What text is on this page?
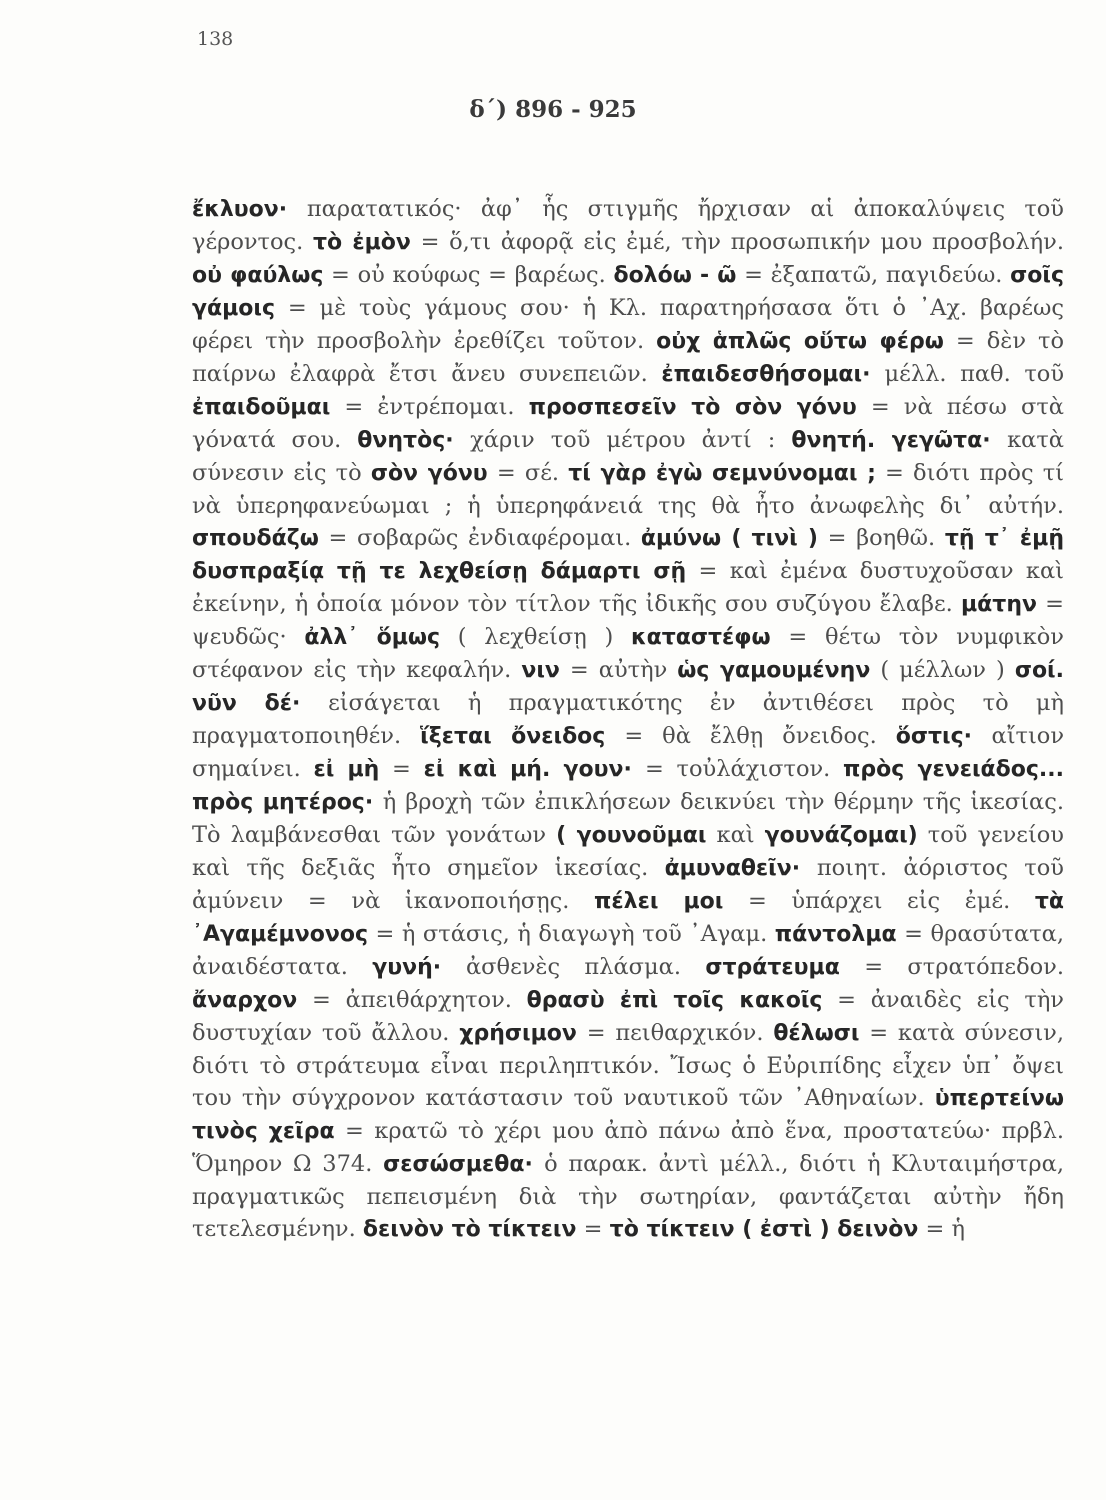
138
δ΄) 896 - 925

ἔκλυον· παρατατικός· ἀφ᾽ ἧς στιγμῆς ἤρχισαν αἱ ἀποκαλύψεις τοῦ γέροντος. τὸ ἐμὸν = ὅ,τι ἀφορᾷ εἰς ἐμέ, τὴν προσωπικήν μου προσβολήν. οὐ φαύλως = οὐ κούφως = βαρέως. δολόω - ῶ = ἐξαπατῶ, παγιδεύω. σοῖς γάμοις = μὲ τοὺς γάμους σου· ἡ Κλ. παρατηρήσασα ὅτι ὁ ᾽Αχ. βαρέως φέρει τὴν προσβολὴν ἐρεθίζει τοῦτον. οὐχ ἁπλῶς οὕτω φέρω = δὲν τὸ παίρνω ἐλαφρὰ ἔτσι ἄνευ συνεπειῶν. ἐπαιδεσθήσομαι· μέλλ. παθ. τοῦ ἐπαιδοῦμαι = ἐντρέπομαι. προσπεσεῖν τὸ σὸν γόνυ = νὰ πέσω στὰ γόνατά σου. θνητὸς· χάριν τοῦ μέτρου ἀντί : θνητή. γεγῶτα· κατὰ σύνεσιν εἰς τὸ σὸν γόνυ = σέ. τί γὰρ ἐγὼ σεμνύνομαι ; = διότι πρὸς τί νὰ ὑπερηφανεύωμαι ; ἡ ὑπερηφάνειά της θὰ ἦτο ἀνωφελὴς δι᾽ αὐτήν. σπουδάζω = σοβαρῶς ἐνδιαφέρομαι. ἀμύνω ( τινὶ ) = βοηθῶ. τῇ τ᾽ ἐμῇ δυσπραξίᾳ τῇ τε λεχθείσῃ δάμαρτι σῇ = καὶ ἐμένα δυστυχοῦσαν καὶ ἐκείνην, ἡ ὁποία μόνον τὸν τίτλον τῆς ἰδικῆς σου συζύγου ἔλαβε. μάτην = ψευδῶς· ἀλλ᾽ ὅμως ( λεχθείσῃ ) καταστέφω = θέτω τὸν νυμφικὸν στέφανον εἰς τὴν κεφαλήν. νιν = αὐτὴν ὡς γαμουμένην ( μέλλων ) σοί. νῦν δέ· εἰσάγεται ἡ πραγματικότης ἐν ἀντιθέσει πρὸς τὸ μὴ πραγματοποιηθέν. ἵξεται ὄνειδος = θὰ ἔλθῃ ὄνειδος. ὅστις· αἴτιον σημαίνει. εἰ μὴ = εἰ καὶ μή. γουν· = τοὐλάχιστον. πρὸς γενειάδος... πρὸς μητέρος· ἡ βροχὴ τῶν ἐπικλήσεων δεικνύει τὴν θέρμην τῆς ἱκεσίας. Τὸ λαμβάνεσθαι τῶν γονάτων ( γουνοῦμαι καὶ γουνάζομαι) τοῦ γενείου καὶ τῆς δεξιᾶς ἦτο σημεῖον ἱκεσίας. ἀμυναθεῖν· ποιητ. ἀόριστος τοῦ ἀμύνειν = νὰ ἱκανοποιήσῃς. πέλει μοι = ὑπάρχει εἰς ἐμέ. τὰ ᾽Αγαμέμνονος = ἡ στάσις, ἡ διαγωγὴ τοῦ ᾽Αγαμ. πάντολμα = θρασύτατα, ἀναιδέστατα. γυνή· ἀσθενὲς πλάσμα. στράτευμα = στρατόπεδον. ἄναρχον = ἀπειθάρχητον. θρασὺ ἐπὶ τοῖς κακοῖς = ἀναιδὲς εἰς τὴν δυστυχίαν τοῦ ἄλλου. χρήσιμον = πειθαρχικόν. θέλωσι = κατὰ σύνεσιν, διότι τὸ στράτευμα εἶναι περιληπτικόν. Ἴσως ὁ Εὐριπίδης εἶχεν ὑπ᾽ ὄψει του τὴν σύγχρονον κατάστασιν τοῦ ναυτικοῦ τῶν ᾽Αθηναίων. ὑπερτείνω τινὸς χεῖρα = κρατῶ τὸ χέρι μου ἀπὸ πάνω ἀπὸ ἕνα, προστατεύω· πρβλ. Ὅμηρον Ω 374. σεσώσμεθα· ὁ παρακ. ἀντὶ μέλλ., διότι ἡ Κλυταιμήστρα, πραγματικῶς πεπεισμένη διὰ τὴν σωτηρίαν, φαντάζεται αὐτὴν ἤδη τετελεσμένην. δεινὸν τὸ τίκτειν = τὸ τίκτειν ( ἐστὶ ) δεινὸν = ἡ
